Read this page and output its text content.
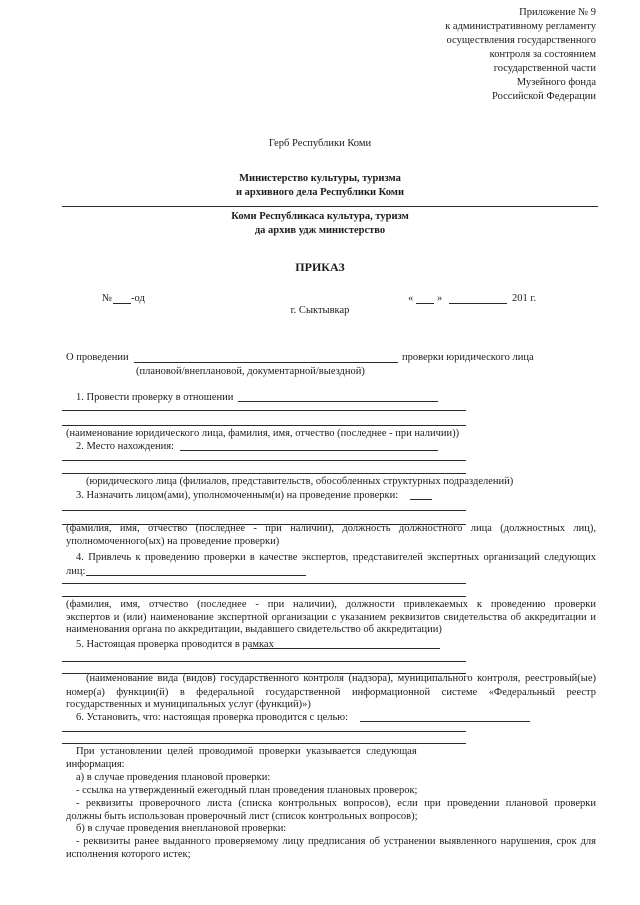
Приложение № 9
к административному регламенту
осуществления государственного
контроля за состоянием
государственной части
Музейного фонда
Российской Федерации
Герб Республики Коми
Министерство культуры, туризма
и архивного дела Республики Коми
Коми Республикаса культура, туризм
да архив удж министерство
ПРИКАЗ
№ -од	« »	201 г.
г. Сыктывкар
О проведении	проверки юридического лица
(плановой/внеплановой, документарной/выездной)
1. Провести проверку в отношении
(наименование юридического лица, фамилия, имя, отчество (последнее - при наличии))
2. Место нахождения:
(юридического лица (филиалов, представительств, обособленных структурных подразделений)
3. Назначить лицом(ами), уполномоченным(и) на проведение проверки:
(фамилия, имя, отчество (последнее - при наличии), должность должностного лица (должностных лиц),
уполномоченного(ых) на проведение проверки)
4. Привлечь к проведению проверки в качестве экспертов, представителей экспертных организаций следующих
лиц:
(фамилия, имя, отчество (последнее - при наличии), должности привлекаемых к проведению проверки
экспертов и (или) наименование экспертной организации с указанием реквизитов свидетельства об аккредитации и
наименования органа по аккредитации, выдавшего свидетельство об аккредитации)
5. Настоящая проверка проводится в рамках
(наименование вида (видов) государственного контроля (надзора), муниципального контроля, реестровый(ые)
номер(а) функции(й) в федеральной государственной информационной системе «Федеральный реестр
государственных и муниципальных услуг (функций)»)
6. Установить, что: настоящая проверка проводится с целью:
При установлении целей проводимой проверки указывается следующая
информация:
а) в случае проведения плановой проверки:
- ссылка на утвержденный ежегодный план проведения плановых проверок;
- реквизиты проверочного листа (списка контрольных вопросов), если при проведении плановой проверки
должны быть использован проверочный лист (список контрольных вопросов);
б) в случае проведения внеплановой проверки:
- реквизиты ранее выданного проверяемому лицу предписания об устранении выявленного нарушения, срок для
исполнения которого истек;
